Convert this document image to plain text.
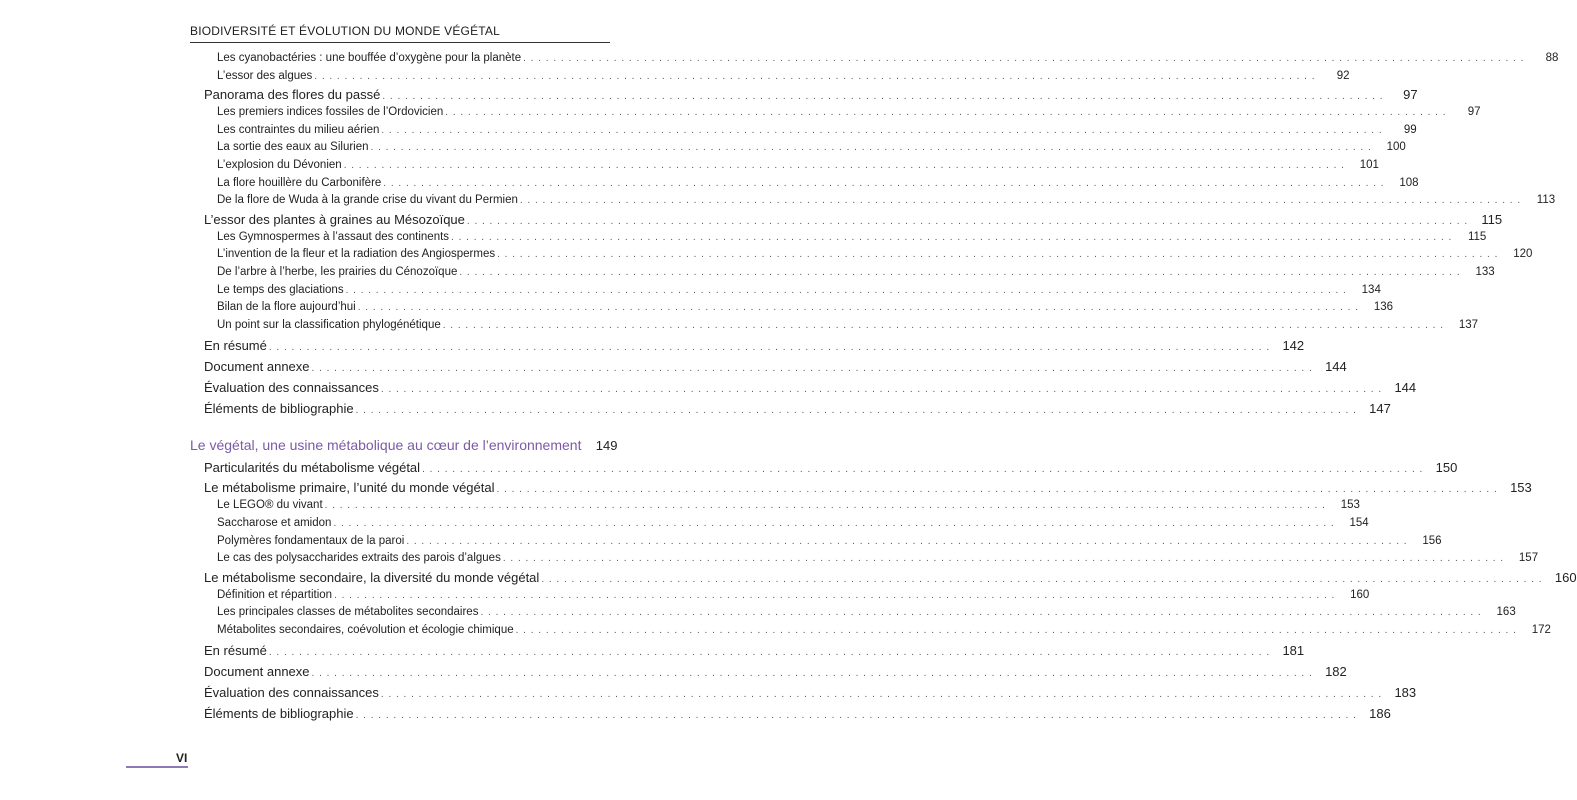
BIODIVERSITÉ ET ÉVOLUTION DU MONDE VÉGÉTAL
Les cyanobactéries : une bouffée d’oxygène pour la planète . . .	88
L’essor des algues . . .	92
Panorama des flores du passé . . .	97
Les premiers indices fossiles de l’Ordovicien . . .	97
Les contraintes du milieu aérien . . .	99
La sortie des eaux au Silurien . . .	100
L’explosion du Dévonien . . .	101
La flore houillère du Carbonifère . . .	108
De la flore de Wuda à la grande crise du vivant du Permien . . .	113
L’essor des plantes à graines au Mésozoïque . . .	115
Les Gymnospermes à l’assaut des continents . . .	115
L’invention de la fleur et la radiation des Angiospermes . . .	120
De l’arbre à l’herbe, les prairies du Cénozoïque . . .	133
Le temps des glaciations . . .	134
Bilan de la flore aujourd’hui . . .	136
Un point sur la classification phylogénétique . . .	137
En résumé . . .	142
Document annexe . . .	144
Évaluation des connaissances . . .	144
Éléments de bibliographie . . .	147
Le végétal, une usine métabolique au cœur de l’environnement	149
Particularités du métabolisme végétal . . .	150
Le métabolisme primaire, l’unité du monde végétal . . .	153
Le LEGO® du vivant . . .	153
Saccharose et amidon . . .	154
Polymères fondamentaux de la paroi . . .	156
Le cas des polysaccharides extraits des parois d’algues . . .	157
Le métabolisme secondaire, la diversité du monde végétal . . .	160
Définition et répartition . . .	160
Les principales classes de métabolites secondaires . . .	163
Métabolites secondaires, coévolution et écologie chimique . . .	172
En résumé . . .	181
Document annexe . . .	182
Évaluation des connaissances . . .	183
Éléments de bibliographie . . .	186
VI
